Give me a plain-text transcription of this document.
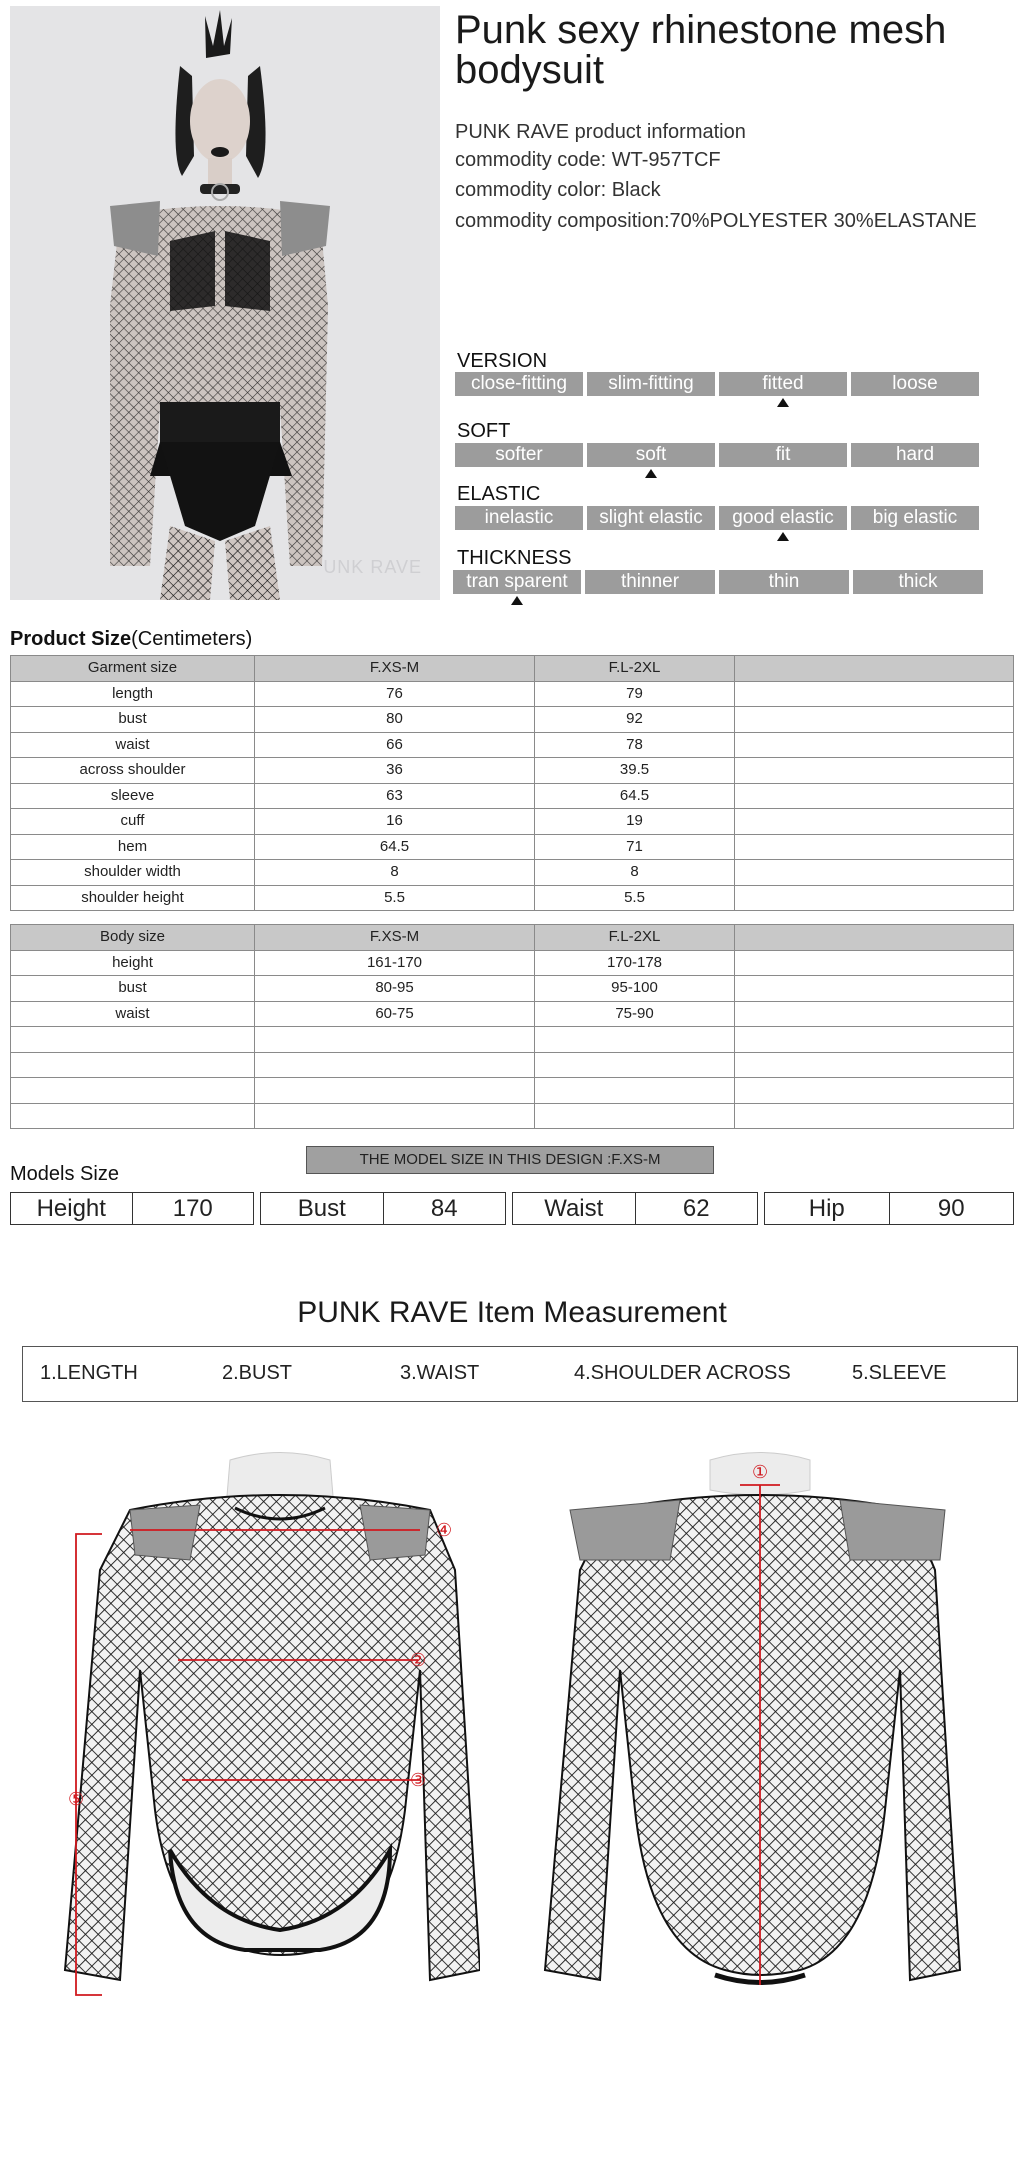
UNK RAVE
Punk sexy rhinestone mesh bodysuit
PUNK RAVE product information
commodity code: WT-957TCF
commodity color: Black
commodity composition:70%POLYESTER 30%ELASTANE
VERSION
close-fitting	slim-fitting	fitted	loose
SOFT
softer	soft	fit	hard
ELASTIC
inelastic	slight elastic	good elastic	big elastic
THICKNESS
tran sparent	thinner	thin	thick
Product Size(Centimeters)
Garment size	F.XS-M	F.L-2XL	
length	76	79	
bust	80	92	
waist	66	78	
across shoulder	36	39.5	
sleeve	63	64.5	
cuff	16	19	
hem	64.5	71	
shoulder width	8	8	
shoulder height	5.5	5.5	
Body size	F.XS-M	F.L-2XL	
height	161-170	170-178	
bust	80-95	95-100	
waist	60-75	75-90	

THE MODEL SIZE IN THIS DESIGN :F.XS-M
Models Size
Height	170	Bust	84	Waist	62	Hip	90
PUNK RAVE Item Measurement
1.LENGTH	2.BUST	3.WAIST	4.SHOULDER ACROSS	5.SLEEVE
④
②
③
⑤
①
